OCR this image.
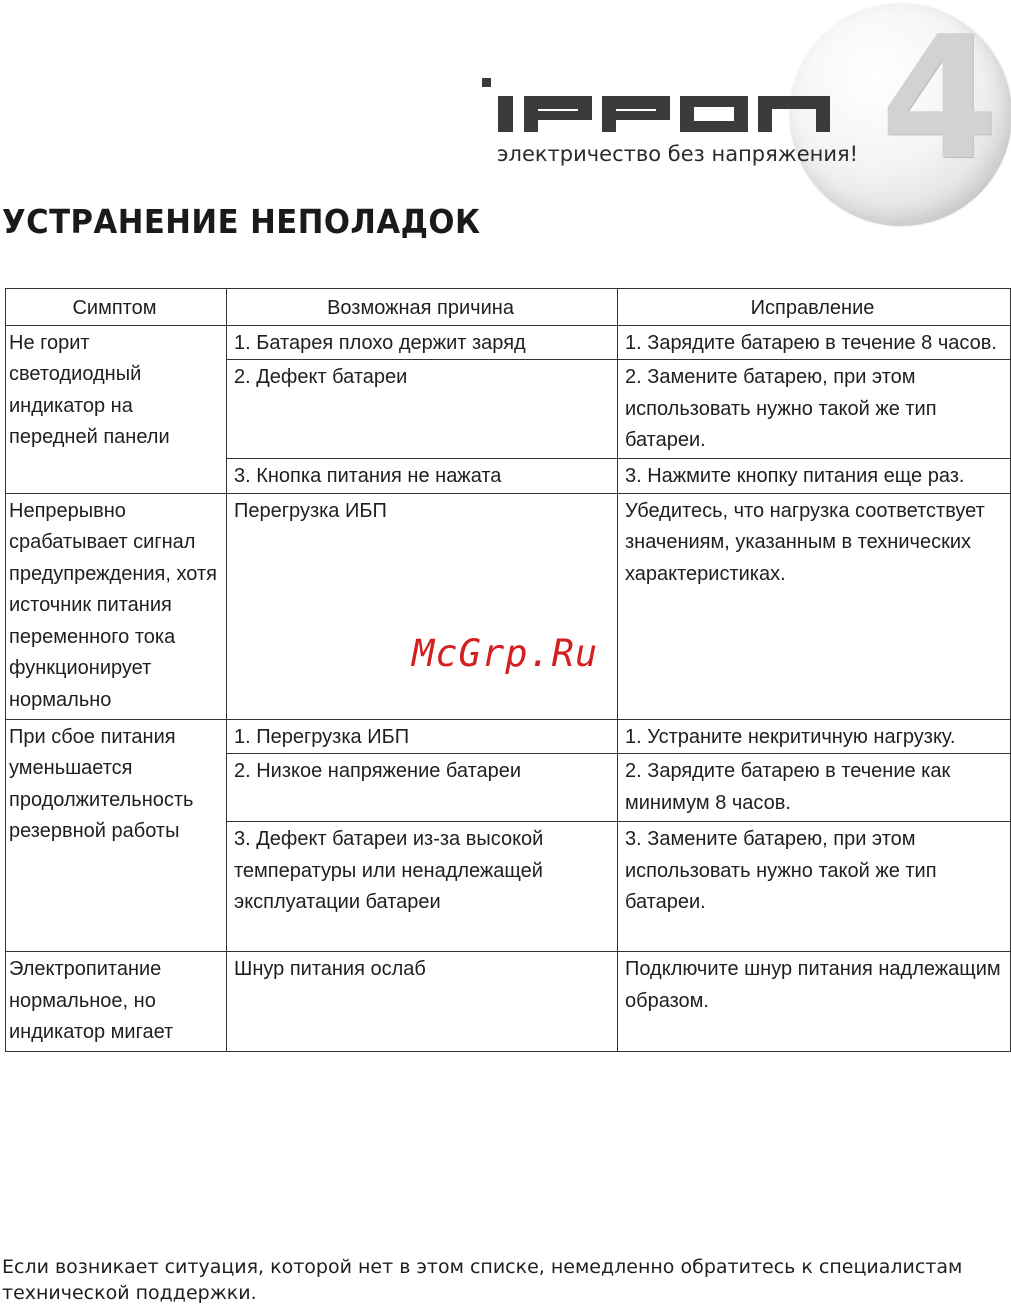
4
электричество без напряжения!
УСТРАНЕНИЕ НЕПОЛАДОК
Симптом	Возможная причина	Исправление
Не горит светодиодный индикатор на передней панели	1. Батарея плохо держит заряд	1. Зарядите батарею в течение 8 часов.
	2. Дефект батареи	2. Замените батарею, при этом использовать нужно такой же тип батареи.
	3. Кнопка питания не нажата	3. Нажмите кнопку питания еще раз.
Непрерывно срабатывает сигнал предупреждения, хотя источник питания переменного тока функционирует нормально	Перегрузка ИБП	Убедитесь, что нагрузка соответствует значениям, указанным в технических характеристиках.
При сбое питания уменьшается продолжительность резервной работы	1. Перегрузка ИБП	1. Устраните некритичную нагрузку.
	2. Низкое напряжение батареи	2. Зарядите батарею в течение как минимум 8 часов.
	3. Дефект батареи из-за высокой температуры или ненадлежащей эксплуатации батареи	3. Замените батарею, при этом использовать нужно такой же тип батареи.
Электропитание нормальное, но индикатор мигает	Шнур питания ослаб	Подключите шнур питания надлежащим образом.
McGrp.Ru

Если возникает ситуация, которой нет в этом списке, немедленно обратитесь к специалистам технической поддержки.
